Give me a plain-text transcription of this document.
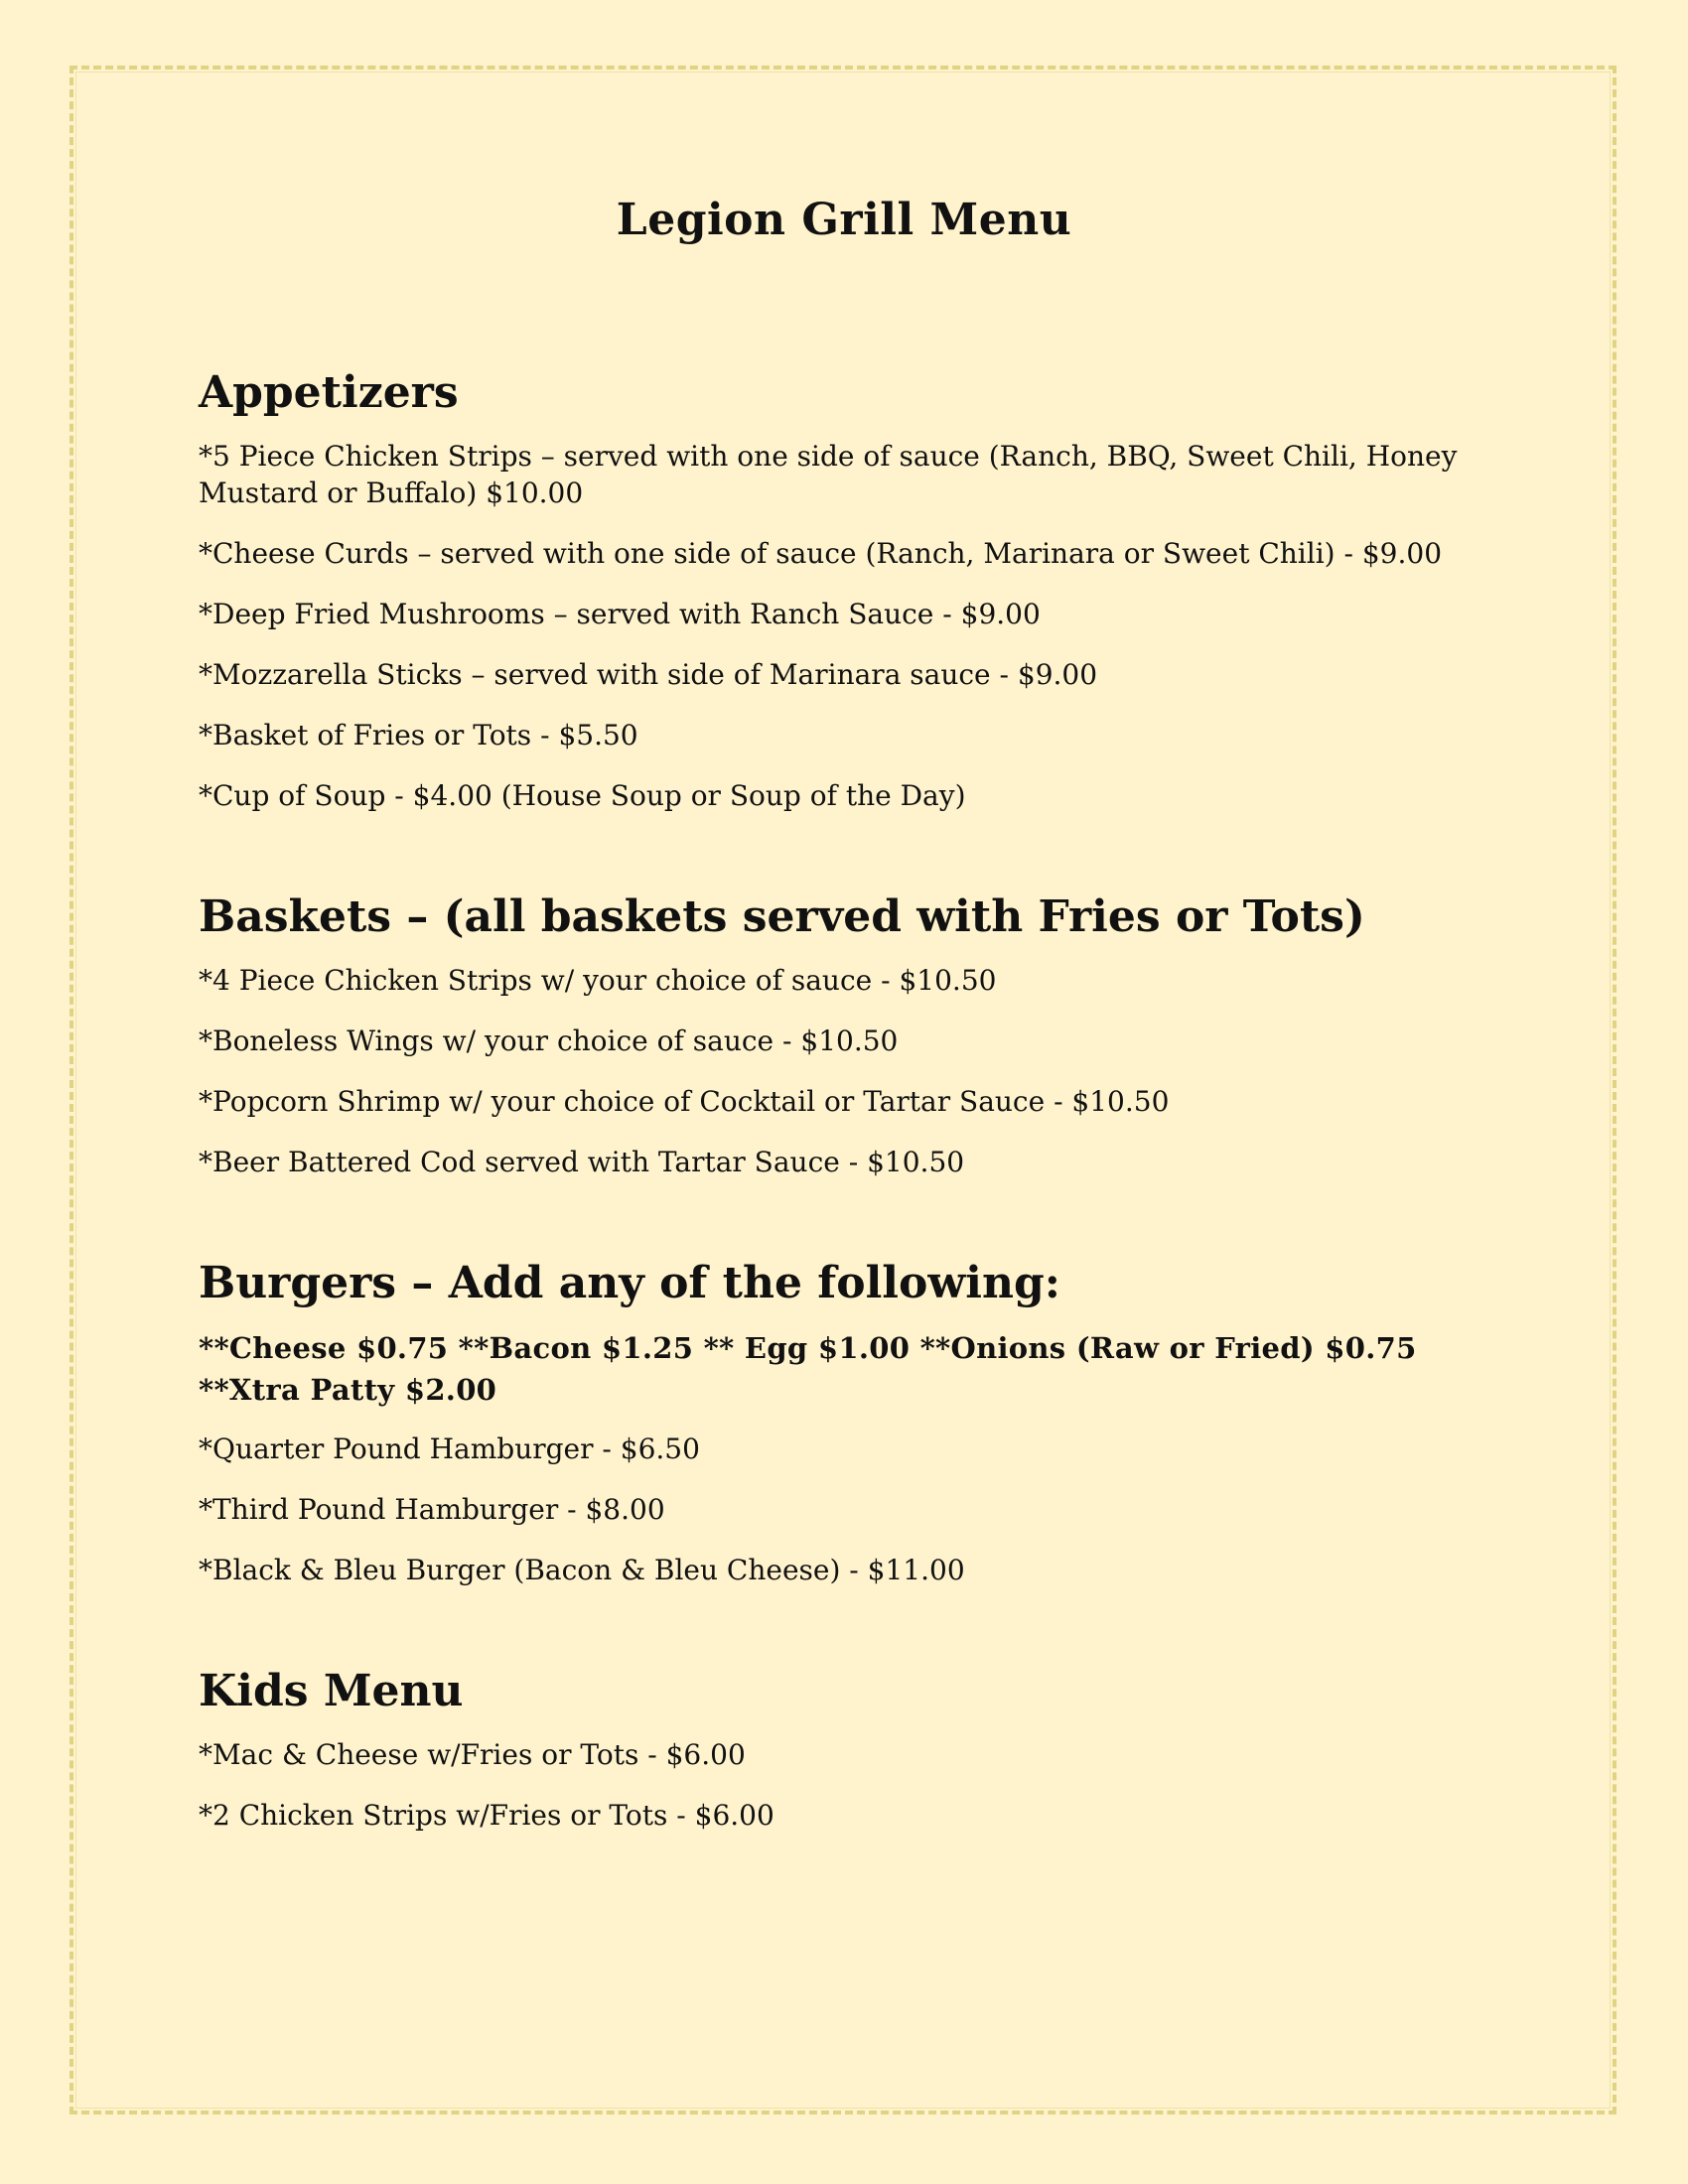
Legion Grill Menu
Appetizers

*5 Piece Chicken Strips – served with one side of sauce (Ranch, BBQ, Sweet Chili, Honey Mustard or Buffalo) $10.00

*Cheese Curds – served with one side of sauce (Ranch, Marinara or Sweet Chili) - $9.00

*Deep Fried Mushrooms – served with Ranch Sauce - $9.00

*Mozzarella Sticks – served with side of Marinara sauce - $9.00

*Basket of Fries or Tots - $5.50

*Cup of Soup - $4.00 (House Soup or Soup of the Day)

Baskets – (all baskets served with Fries or Tots)

*4 Piece Chicken Strips w/ your choice of sauce - $10.50

*Boneless Wings w/ your choice of sauce - $10.50

*Popcorn Shrimp w/ your choice of Cocktail or Tartar Sauce - $10.50

*Beer Battered Cod served with Tartar Sauce - $10.50

Burgers – Add any of the following:

**Cheese $0.75 **Bacon $1.25 ** Egg $1.00 **Onions (Raw or Fried) $0.75 **Xtra Patty $2.00

*Quarter Pound Hamburger - $6.50

*Third Pound Hamburger - $8.00

*Black & Bleu Burger (Bacon & Bleu Cheese) - $11.00

Kids Menu

*Mac & Cheese w/Fries or Tots - $6.00

*2 Chicken Strips w/Fries or Tots - $6.00
